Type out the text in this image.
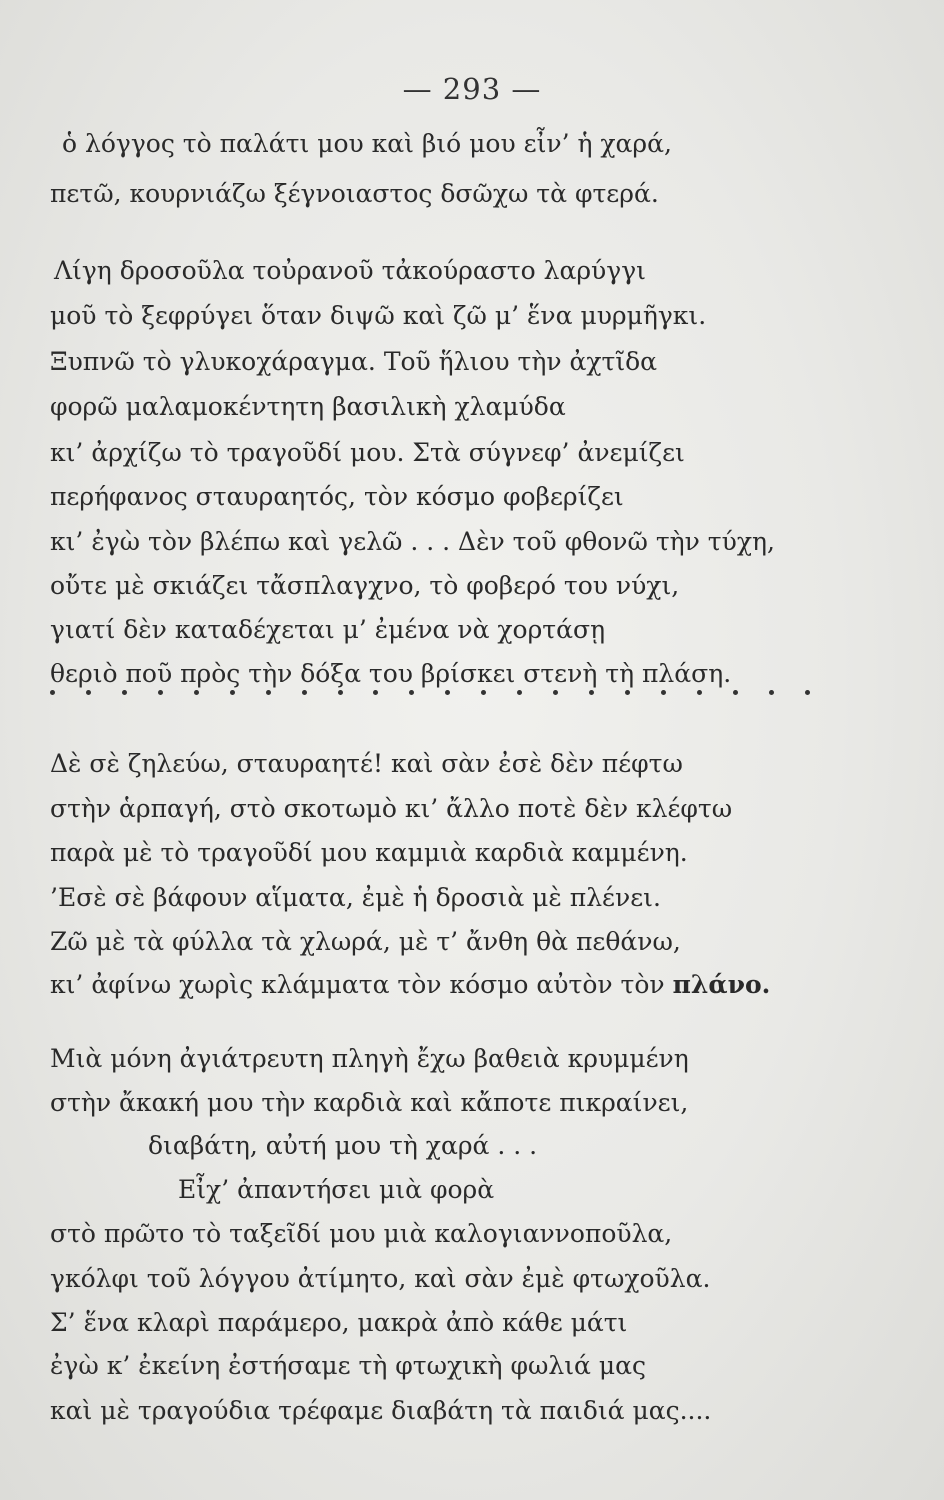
— 293 —
ὁ λόγγος τὸ παλάτι μου καὶ βιό μου εἶν’ ἡ χαρά,
πετῶ, κουρνιάζω ξέγνοιαστος δσῶχω τὰ φτερά.
Λίγη δροσοῦλα τοὐρανοῦ τἀκούραστο λαρύγγι
μοῦ τὸ ξεφρύγει ὅταν διψῶ καὶ ζῶ μ’ ἕνα μυρμῆγκι.
Ξυπνῶ τὸ γλυκοχάραγμα. Τοῦ ἥλιου τὴν ἀχτῖδα
φορῶ μαλαμοκέντητη βασιλικὴ χλαμύδα
κι’ ἀρχίζω τὸ τραγοῦδί μου. Στὰ σύγνεφ’ ἀνεμίζει
περήφανος σταυραητός, τὸν κόσμο φοβερίζει
κι’ ἐγὼ τὸν βλέπω καὶ γελῶ . . . Δὲν τοῦ φθονῶ τὴν τύχη,
οὔτε μὲ σκιάζει τἄσπλαγχνο, τὸ φοβερό του νύχι,
γιατί δὲν καταδέχεται μ’ ἐμένα νὰ χορτάσῃ
θεριὸ ποῦ πρὸς τὴν δόξα του βρίσκει στενὴ τὴ πλάση.
Δὲ σὲ ζηλεύω, σταυραητέ! καὶ σὰν ἐσὲ δὲν πέφτω
στὴν ἁρπαγή, στὸ σκοτωμὸ κι’ ἄλλο ποτὲ δὲν κλέφτω
παρὰ μὲ τὸ τραγοῦδί μου καμμιὰ καρδιὰ καμμένη.
’Εσὲ σὲ βάφουν αἵματα, ἐμὲ ἡ δροσιὰ μὲ πλένει.
Ζῶ μὲ τὰ φύλλα τὰ χλωρά, μὲ τ’ ἄνθη θὰ πεθάνω,
κι’ ἀφίνω χωρὶς κλάμματα τὸν κόσμο αὐτὸν τὸν πλάνο.
Μιὰ μόνη ἀγιάτρευτη πληγὴ ἔχω βαθειὰ κρυμμένη
στὴν ἄκακή μου τὴν καρδιὰ καὶ κἄποτε πικραίνει,
διαβάτη, αὐτή μου τὴ χαρά . . .
Εἶχ’ ἀπαντήσει μιὰ φορὰ
στὸ πρῶτο τὸ ταξεῖδί μου μιὰ καλογιαννοποῦλα,
γκόλφι τοῦ λόγγου ἀτίμητο, καὶ σὰν ἐμὲ φτωχοῦλα.
Σ’ ἕνα κλαρὶ παράμερο, μακρὰ ἀπὸ κάθε μάτι
ἐγὼ κ’ ἐκείνη ἐστήσαμε τὴ φτωχικὴ φωλιά μας
καὶ μὲ τραγούδια τρέφαμε διαβάτη τὰ παιδιά μας....
